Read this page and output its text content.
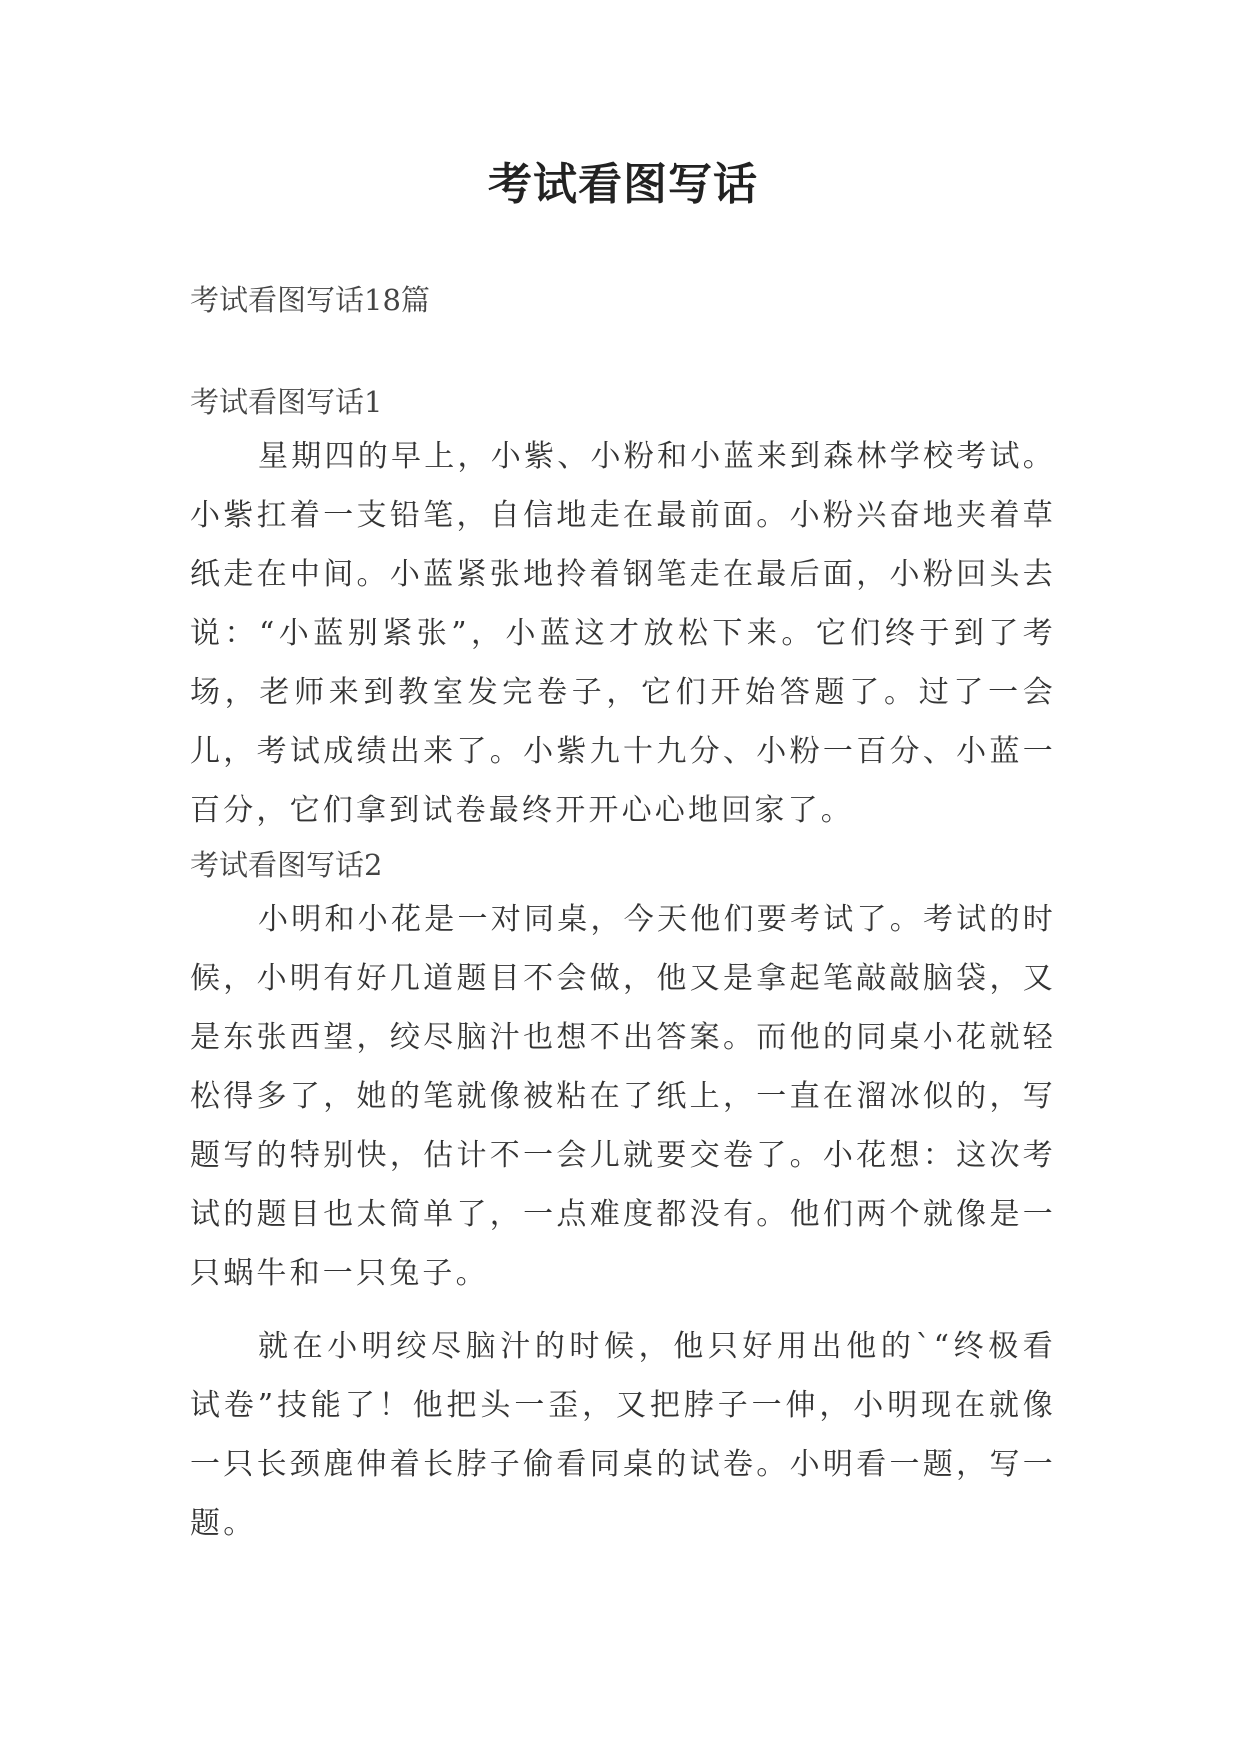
考试看图写话

考试看图写话18篇

考试看图写话1

星期四的早上，小紫、小粉和小蓝来到森林学校考试。小紫扛着一支铅笔，自信地走在最前面。小粉兴奋地夹着草纸走在中间。小蓝紧张地拎着钢笔走在最后面，小粉回头去说：“小蓝别紧张”，小蓝这才放松下来。它们终于到了考场，老师来到教室发完卷子，它们开始答题了。过了一会儿，考试成绩出来了。小紫九十九分、小粉一百分、小蓝一百分，它们拿到试卷最终开开心心地回家了。

考试看图写话2

小明和小花是一对同桌，今天他们要考试了。考试的时候，小明有好几道题目不会做，他又是拿起笔敲敲脑袋，又是东张西望，绞尽脑汁也想不出答案。而他的同桌小花就轻松得多了，她的笔就像被粘在了纸上，一直在溜冰似的，写题写的特别快，估计不一会儿就要交卷了。小花想：这次考试的题目也太简单了，一点难度都没有。他们两个就像是一只蜗牛和一只兔子。

就在小明绞尽脑汁的时候，他只好用出他的`“终极看试卷”技能了！他把头一歪，又把脖子一伸，小明现在就像一只长颈鹿伸着长脖子偷看同桌的试卷。小明看一题，写一题。
